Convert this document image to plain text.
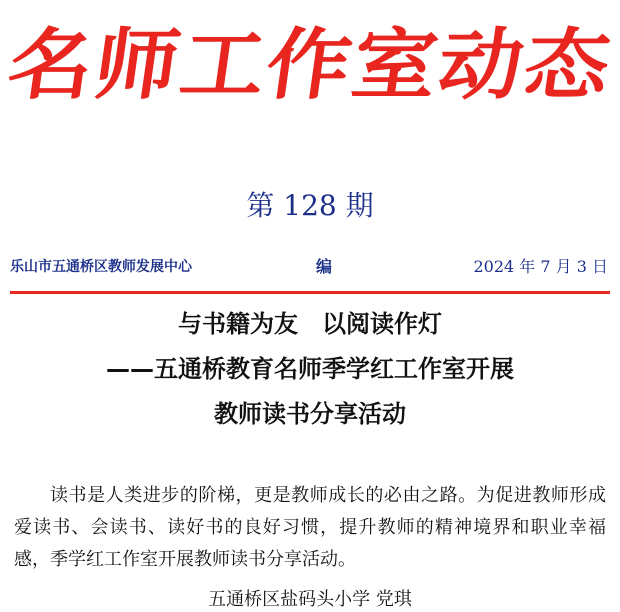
名师工作室动态
第 128 期
乐山市五通桥区教师发展中心	编	2024 年 7 月 3 日
与书籍为友　以阅读作灯
——五通桥教育名师季学红工作室开展
教师读书分享活动
读书是人类进步的阶梯，更是教师成长的必由之路。为促进教师形成爱读书、会读书、读好书的良好习惯，提升教师的精神境界和职业幸福感，季学红工作室开展教师读书分享活动。
五通桥区盐码头小学 党琪
